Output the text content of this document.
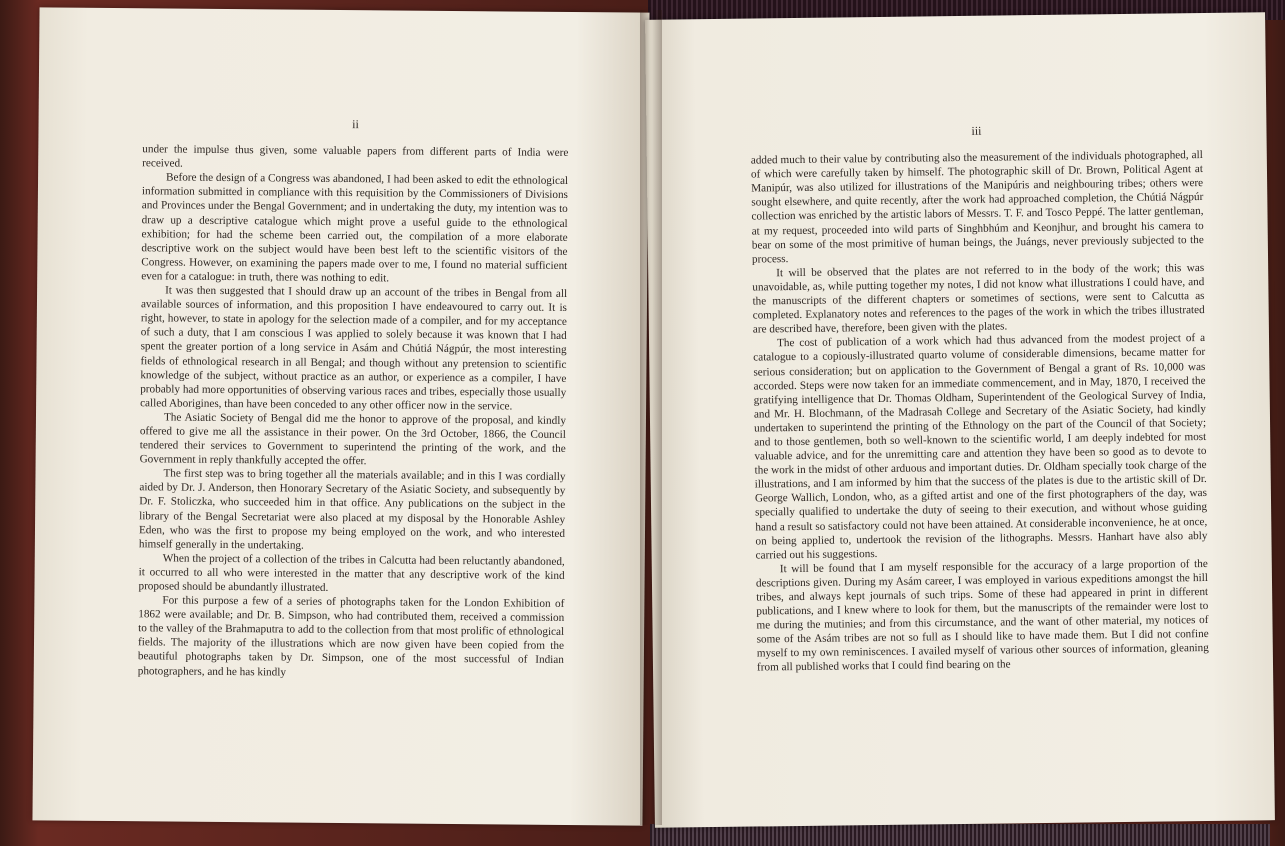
ii

under the impulse thus given, some valuable papers from different parts of India were received.

Before the design of a Congress was abandoned, I had been asked to edit the ethnological information submitted in compliance with this requisition by the Commissioners of Divisions and Provinces under the Bengal Government; and in undertaking the duty, my intention was to draw up a descriptive catalogue which might prove a useful guide to the ethnological exhibition; for had the scheme been carried out, the compilation of a more elaborate descriptive work on the subject would have been best left to the scientific visitors of the Congress. However, on examining the papers made over to me, I found no material sufficient even for a catalogue: in truth, there was nothing to edit.

It was then suggested that I should draw up an account of the tribes in Bengal from all available sources of information, and this proposition I have endeavoured to carry out. It is right, however, to state in apology for the selection made of a compiler, and for my acceptance of such a duty, that I am conscious I was applied to solely because it was known that I had spent the greater portion of a long service in Asám and Chútiá Nágpúr, the most interesting fields of ethnological research in all Bengal; and though without any pretension to scientific knowledge of the subject, without practice as an author, or experience as a compiler, I have probably had more opportunities of observing various races and tribes, especially those usually called Aborigines, than have been conceded to any other officer now in the service.

The Asiatic Society of Bengal did me the honor to approve of the proposal, and kindly offered to give me all the assistance in their power. On the 3rd October, 1866, the Council tendered their services to Government to superintend the printing of the work, and the Government in reply thankfully accepted the offer.

The first step was to bring together all the materials available; and in this I was cordially aided by Dr. J. Anderson, then Honorary Secretary of the Asiatic Society, and subsequently by Dr. F. Stoliczka, who succeeded him in that office. Any publications on the subject in the library of the Bengal Secretariat were also placed at my disposal by the Honorable Ashley Eden, who was the first to propose my being employed on the work, and who interested himself generally in the undertaking.

When the project of a collection of the tribes in Calcutta had been reluctantly abandoned, it occurred to all who were interested in the matter that any descriptive work of the kind proposed should be abundantly illustrated.

For this purpose a few of a series of photographs taken for the London Exhibition of 1862 were available; and Dr. B. Simpson, who had contributed them, received a commission to the valley of the Brahmaputra to add to the collection from that most prolific of ethnological fields. The majority of the illustrations which are now given have been copied from the beautiful photographs taken by Dr. Simpson, one of the most successful of Indian photographers, and he has kindly

iii

added much to their value by contributing also the measurement of the individuals photographed, all of which were carefully taken by himself. The photographic skill of Dr. Brown, Political Agent at Manipúr, was also utilized for illustrations of the Manipúris and neighbouring tribes; others were sought elsewhere, and quite recently, after the work had approached completion, the Chútiá Nágpúr collection was enriched by the artistic labors of Messrs. T. F. and Tosco Peppé. The latter gentleman, at my request, proceeded into wild parts of Singhbhúm and Keonjhur, and brought his camera to bear on some of the most primitive of human beings, the Juángs, never previously subjected to the process.

It will be observed that the plates are not referred to in the body of the work; this was unavoidable, as, while putting together my notes, I did not know what illustrations I could have, and the manuscripts of the different chapters or sometimes of sections, were sent to Calcutta as completed. Explanatory notes and references to the pages of the work in which the tribes illustrated are described have, therefore, been given with the plates.

The cost of publication of a work which had thus advanced from the modest project of a catalogue to a copiously-illustrated quarto volume of considerable dimensions, became matter for serious consideration; but on application to the Government of Bengal a grant of Rs. 10,000 was accorded. Steps were now taken for an immediate commencement, and in May, 1870, I received the gratifying intelligence that Dr. Thomas Oldham, Superintendent of the Geological Survey of India, and Mr. H. Blochmann, of the Madrasah College and Secretary of the Asiatic Society, had kindly undertaken to superintend the printing of the Ethnology on the part of the Council of that Society; and to those gentlemen, both so well-known to the scientific world, I am deeply indebted for most valuable advice, and for the unremitting care and attention they have been so good as to devote to the work in the midst of other arduous and important duties. Dr. Oldham specially took charge of the illustrations, and I am informed by him that the success of the plates is due to the artistic skill of Dr. George Wallich, London, who, as a gifted artist and one of the first photographers of the day, was specially qualified to undertake the duty of seeing to their execution, and without whose guiding hand a result so satisfactory could not have been attained. At considerable inconvenience, he at once, on being applied to, undertook the revision of the lithographs. Messrs. Hanhart have also ably carried out his suggestions.

It will be found that I am myself responsible for the accuracy of a large proportion of the descriptions given. During my Asám career, I was employed in various expeditions amongst the hill tribes, and always kept journals of such trips. Some of these had appeared in print in different publications, and I knew where to look for them, but the manuscripts of the remainder were lost to me during the mutinies; and from this circumstance, and the want of other material, my notices of some of the Asám tribes are not so full as I should like to have made them. But I did not confine myself to my own reminiscences. I availed myself of various other sources of information, gleaning from all published works that I could find bearing on the
